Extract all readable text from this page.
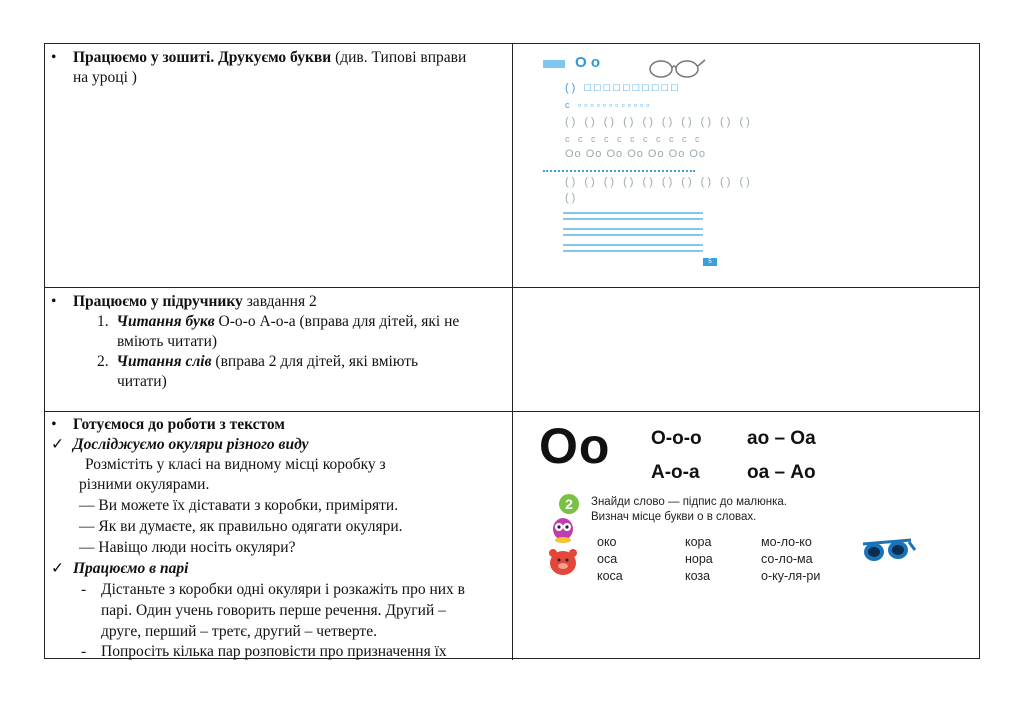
• Працюємо у зошиті. Друкуємо букви (див. Типові вправи
на уроці )
О о
() □□□□□□□□□□
с ▫▫▫▫▫▫▫▫▫▫▫▫
() () () () () () () () () ()
с с с с с с с с с с с
Оо Оо Оо Оо Оо Оо Оо
() () () () () () () () () ()
()
5
• Працюємо у підручнику завдання 2
1. Читання букв О-о-о А-о-а (вправа для дітей, які не
вміють читати)
2. Читання слів (вправа 2 для дітей, які вміють
читати)
• Готуємося до роботи з текстом
✓ Досліджуємо окуляри різного виду
Розмістіть у класі на видному місці коробку з
різними окулярами.
— Ви можете їх діставати з коробки, приміряти.
— Як ви думаєте, як правильно одягати окуляри.
— Навіщо люди носіть окуляри?
✓ Працюємо в парі
- Дістаньте з коробки одні окуляри і розкажіть про них в
парі. Один учень говорить перше речення. Другий –
друге, перший – третє, другий – четверте.
- Попросіть кілька пар розповісти про призначення їх
Оо О-о-о ао – Оа
А-о-а оа – Ао
2	Знайди слово — підпис до малюнка.
Визнач місце букви о в словах.
око	кора	мо-ло-ко
оса	нора	со-ло-ма
коса	коза	о-ку-ля-ри
